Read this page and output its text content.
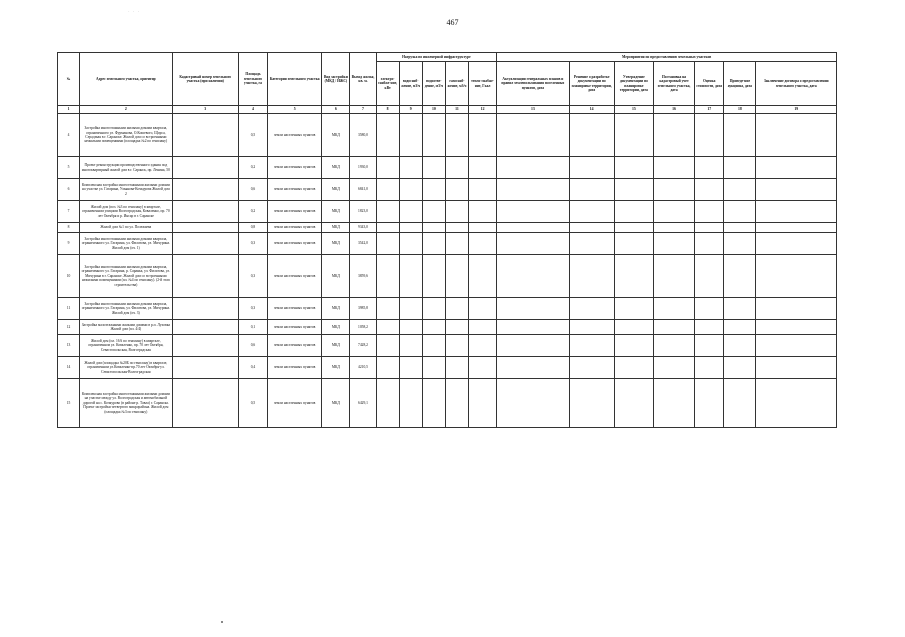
· · ·
467
№	Адрес земельного участка, ориентир	Кадастровый номер земельного участка (при наличии)	Площадь земельного участка, га	Категория земельного участка	Вид застройки (МКД / ИЖС)	Выход жилья, кв. м.	Нагрузка по инженерной инфраструктуре					Мероприятия по предоставлению земельных участков						
							электро-снабже-ние, кВт	водоснаб-жение, м3/ч	водоотве-дение, м3/ч	газоснаб-жение, м3/ч	тепло-снабже-ние, Гкал	Актуализация генеральных планов и правил землепользования поселенных пунктов, дата	Решение о разработке документации по планировке территории, дата	Утверждение документации по планировке территории, дата	Постановка на кадастровый учет земельного участка, дата	Оценка стоимости, дата	Проведе-ние аукциона, дата	Заключение договора о предоставлении земельного участка, дата
1	2	3	4	5	6	7	8	9	10	11	12	13	14	15	16	17	18	19
4	Застройка многоэтажными жилыми домами квартала, ограниченного ул. Фурманова, О.Кошевого, Щорса, Серадзкая в г. Саранске. Жилой дом со встроенными нежилыми помещениями (площадка №2 по генплану)		0,5	земли населенных пунктов	МКД	3580,0												
5	Проект реконструкции производственного здания под многоквартирный жилой дом в г. Саранск, пр. Ленина, 50		0,2	земли населенных пунктов	МКД	1930,0												
6	Комплексная застройка многоэтажными жилыми домами на участке ул. Гагарина, Ульянова-Кочкурова Жилой дом 2		0,6	земли населенных пунктов	МКД	6841,0												
7	Жилой дом (поз. №3 по генплану) в квартале, ограниченном улицами Волгоградская, Коваленко, пр. 70 лет Октября и р. Инсар в г. Саранске		0,2	земли населенных пунктов	МКД	1823,0												
8	Жилой дом №1 по ул. Полежаева		0,8	земли населенных пунктов	МКД	9343,0												
9	Застройка многоэтажными жилыми домами квартала, ограниченного ул. Гагарина, ул. Филатова, ул. Мичурина. Жилой дом (оч. 1)		0,3	земли населенных пунктов	МКД	3542,0												
10	Застройка многоэтажными жилыми домами квартала, ограниченного ул. Гагарина, р. Саранка, ул. Филатова, ул. Мичурина в г. Саранске. Жилой дом со встроенными нежилыми помещениями (пл. №4 по генплану). (2-й этап строительства)		0,3	земли населенных пунктов	МКД	3859,6												
11	Застройка многоэтажными жилыми домами квартала, ограниченного ул. Гагарина, ул. Филатова, ул. Мичурина. Жилой дом (оч. 3)		0,3	земли населенных пунктов	МКД	3985,8												
12	Застройка малоэтажными жилыми домами в р.п. Луховка Жилой дом (пл. 4/4)		0,1	земли населенных пунктов	МКД	1058,2												
13	Жилой дом (пл. 16А по генплану) в квартале, ограниченном ул. Коваленко, пр. 70 лет Октября, Севастопольская, Волгоградская		0,6	земли населенных пунктов	МКД	7428,2												
14	Жилой дом (площадка №20Б по генплану) в квартале, ограниченном ул.Коваленко-пр.70 лет Октября-ул. Севастопольская-Волгоградская		0,4	земли населенных пунктов	МКД	4210,5												
15	Комплексная застройка многоэтажными жилыми домами на участке между ул. Волгоградская и автомобильной дорогой на с. Кочкурово (в районе р. Тавла) г. Саранска. Проект застройки четвертого микрорайона. Жилой дом (площадка №3 по генплану)		0,5	земли населенных пунктов	МКД	6429,1												
